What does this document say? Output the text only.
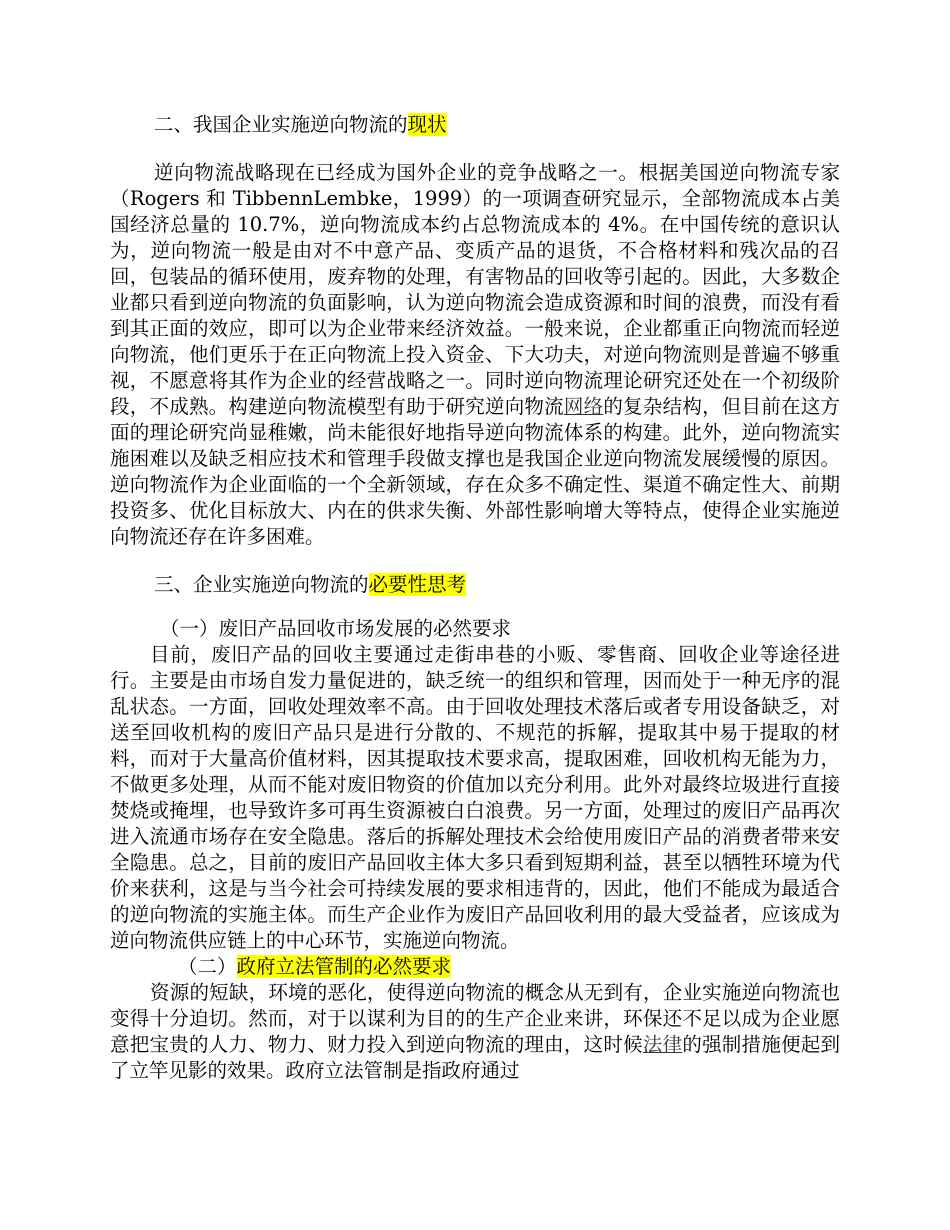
二、我国企业实施逆向物流的现状

逆向物流战略现在已经成为国外企业的竞争战略之一。根据美国逆向物流专家（Rogers 和 TibbennLembke，1999）的一项调查研究显示，全部物流成本占美国经济总量的 10.7%，逆向物流成本约占总物流成本的 4%。在中国传统的意识认为，逆向物流一般是由对不中意产品、变质产品的退货，不合格材料和残次品的召回，包装品的循环使用，废弃物的处理，有害物品的回收等引起的。因此，大多数企业都只看到逆向物流的负面影响，认为逆向物流会造成资源和时间的浪费，而没有看到其正面的效应，即可以为企业带来经济效益。一般来说，企业都重正向物流而轻逆向物流，他们更乐于在正向物流上投入资金、下大功夫，对逆向物流则是普遍不够重视，不愿意将其作为企业的经营战略之一。同时逆向物流理论研究还处在一个初级阶段，不成熟。构建逆向物流模型有助于研究逆向物流网络的复杂结构，但目前在这方面的理论研究尚显稚嫩，尚未能很好地指导逆向物流体系的构建。此外，逆向物流实施困难以及缺乏相应技术和管理手段做支撑也是我国企业逆向物流发展缓慢的原因。逆向物流作为企业面临的一个全新领域，存在众多不确定性、渠道不确定性大、前期投资多、优化目标放大、内在的供求失衡、外部性影响增大等特点，使得企业实施逆向物流还存在许多困难。

三、企业实施逆向物流的必要性思考

（一）废旧产品回收市场发展的必然要求

目前，废旧产品的回收主要通过走街串巷的小贩、零售商、回收企业等途径进行。主要是由市场自发力量促进的，缺乏统一的组织和管理，因而处于一种无序的混乱状态。一方面，回收处理效率不高。由于回收处理技术落后或者专用设备缺乏，对送至回收机构的废旧产品只是进行分散的、不规范的拆解，提取其中易于提取的材料，而对于大量高价值材料，因其提取技术要求高，提取困难，回收机构无能为力，不做更多处理，从而不能对废旧物资的价值加以充分利用。此外对最终垃圾进行直接焚烧或掩埋，也导致许多可再生资源被白白浪费。另一方面，处理过的废旧产品再次进入流通市场存在安全隐患。落后的拆解处理技术会给使用废旧产品的消费者带来安全隐患。总之，目前的废旧产品回收主体大多只看到短期利益，甚至以牺牲环境为代价来获利，这是与当今社会可持续发展的要求相违背的，因此，他们不能成为最适合的逆向物流的实施主体。而生产企业作为废旧产品回收利用的最大受益者，应该成为逆向物流供应链上的中心环节，实施逆向物流。

（二）政府立法管制的必然要求

资源的短缺，环境的恶化，使得逆向物流的概念从无到有，企业实施逆向物流也变得十分迫切。然而，对于以谋利为目的的生产企业来讲，环保还不足以成为企业愿意把宝贵的人力、物力、财力投入到逆向物流的理由，这时候法律的强制措施便起到了立竿见影的效果。政府立法管制是指政府通过
